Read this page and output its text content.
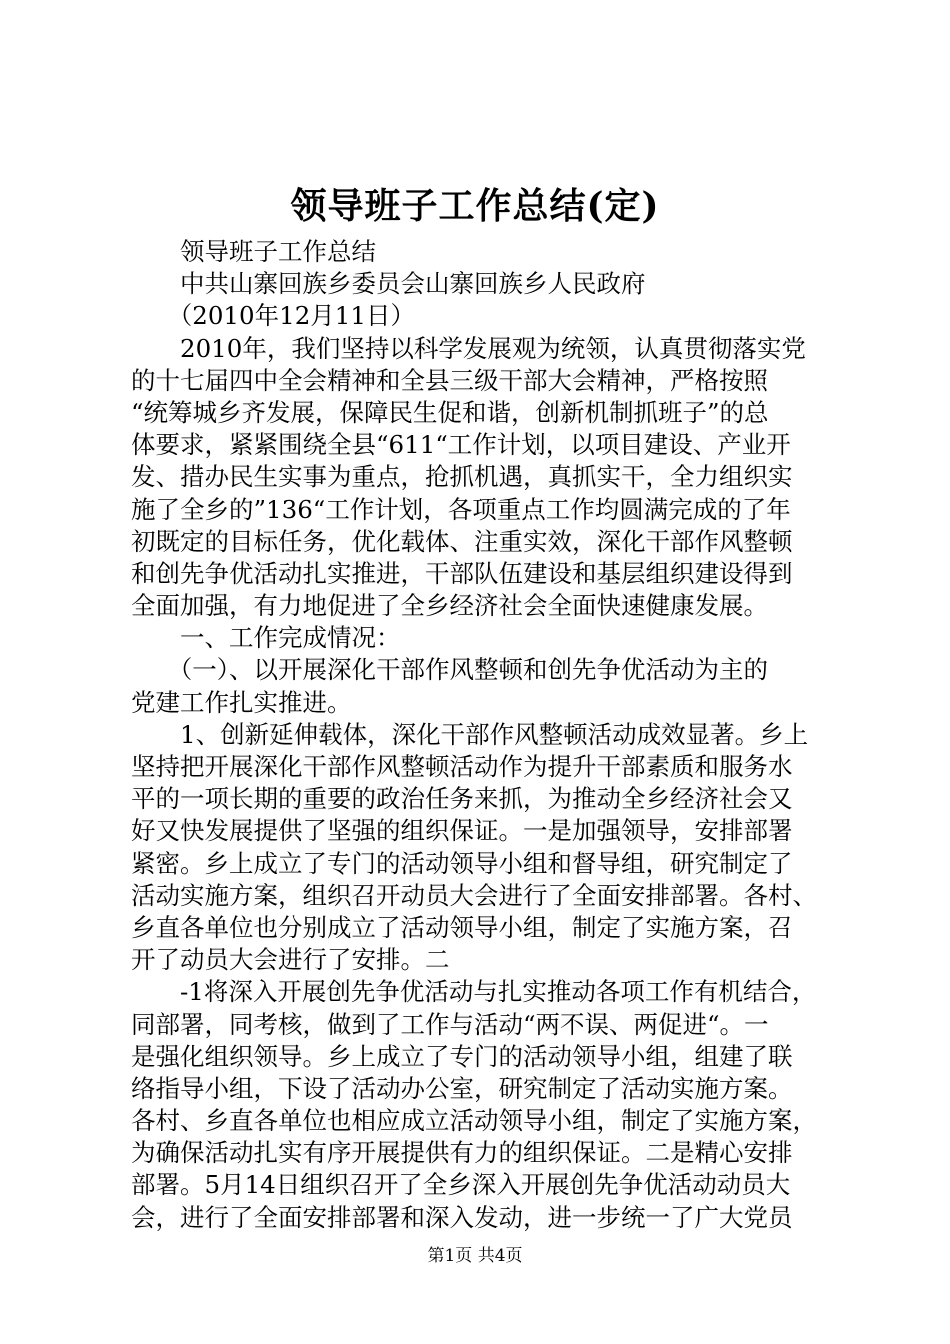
领导班子工作总结(定)
　　领导班子工作总结
　　中共山寨回族乡委员会山寨回族乡人民政府
　　（2010年12月11日）
　　2010年，我们坚持以科学发展观为统领，认真贯彻落实党
的十七届四中全会精神和全县三级干部大会精神，严格按照
“统筹城乡齐发展，保障民生促和谐，创新机制抓班子”的总
体要求，紧紧围绕全县“611“工作计划，以项目建设、产业开
发、措办民生实事为重点，抢抓机遇，真抓实干，全力组织实
施了全乡的”136“工作计划，各项重点工作均圆满完成的了年
初既定的目标任务，优化载体、注重实效，深化干部作风整顿
和创先争优活动扎实推进，干部队伍建设和基层组织建设得到
全面加强，有力地促进了全乡经济社会全面快速健康发展。
　　一、工作完成情况：
　　（一）、以开展深化干部作风整顿和创先争优活动为主的
党建工作扎实推进。
　　1、创新延伸载体，深化干部作风整顿活动成效显著。乡上
坚持把开展深化干部作风整顿活动作为提升干部素质和服务水
平的一项长期的重要的政治任务来抓，为推动全乡经济社会又
好又快发展提供了坚强的组织保证。一是加强领导，安排部署
紧密。乡上成立了专门的活动领导小组和督导组，研究制定了
活动实施方案，组织召开动员大会进行了全面安排部署。各村、
乡直各单位也分别成立了活动领导小组，制定了实施方案，召
开了动员大会进行了安排。二
　　-1将深入开展创先争优活动与扎实推动各项工作有机结合，
同部署，同考核，做到了工作与活动“两不误、两促进“。一
是强化组织领导。乡上成立了专门的活动领导小组，组建了联
络指导小组，下设了活动办公室，研究制定了活动实施方案。
各村、乡直各单位也相应成立活动领导小组，制定了实施方案，
为确保活动扎实有序开展提供有力的组织保证。二是精心安排
部署。5月14日组织召开了全乡深入开展创先争优活动动员大
会，进行了全面安排部署和深入发动，进一步统一了广大党员
第1页 共4页
